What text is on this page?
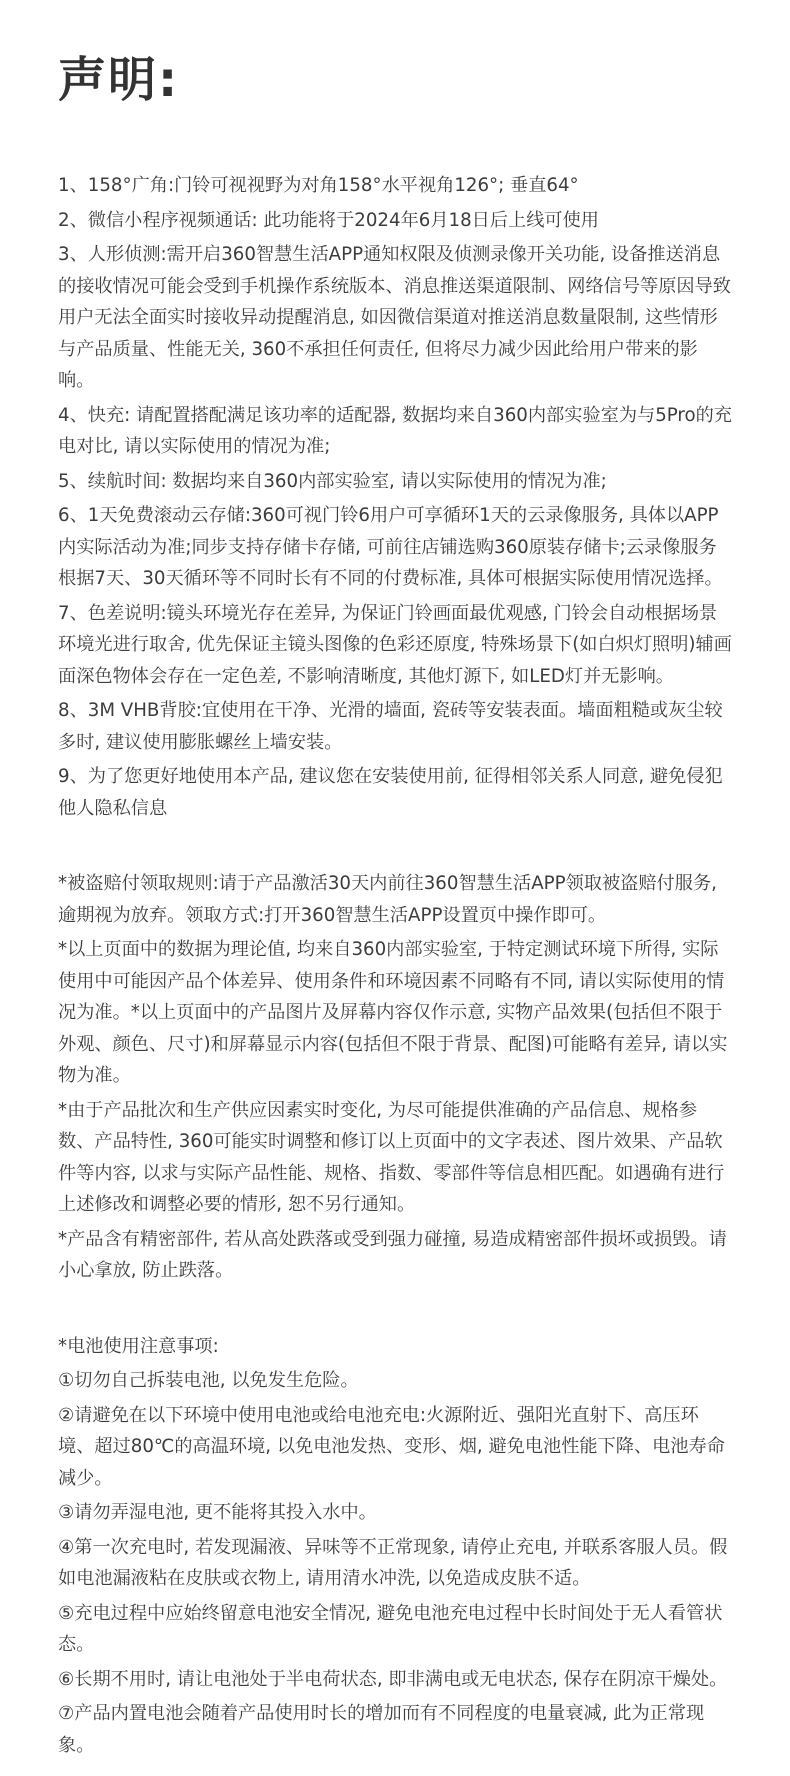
声明:

1、158°广角:门铃可视视野为对角158°水平视角126°; 垂直64°

2、微信小程序视频通话: 此功能将于2024年6月18日后上线可使用

3、人形侦测:需开启360智慧生活APP通知权限及侦测录像开关功能, 设备推送消息的接收情况可能会受到手机操作系统版本、消息推送渠道限制、网络信号等原因导致用户无法全面实时接收异动提醒消息, 如因微信渠道对推送消息数量限制, 这些情形与产品质量、性能无关, 360不承担任何责任, 但将尽力减少因此给用户带来的影响。

4、快充: 请配置搭配满足该功率的适配器, 数据均来自360内部实验室为与5Pro的充电对比, 请以实际使用的情况为准;

5、续航时间: 数据均来自360内部实验室, 请以实际使用的情况为准;

6、1天免费滚动云存储:360可视门铃6用户可享循环1天的云录像服务, 具体以APP内实际活动为准;同步支持存储卡存储, 可前往店铺选购360原装存储卡;云录像服务根据7天、30天循环等不同时长有不同的付费标准, 具体可根据实际使用情况选择。

7、色差说明:镜头环境光存在差异, 为保证门铃画面最优观感, 门铃会自动根据场景环境光进行取舍, 优先保证主镜头图像的色彩还原度, 特殊场景下(如白炽灯照明)辅画面深色物体会存在一定色差, 不影响清晰度, 其他灯源下, 如LED灯并无影响。

8、3M VHB背胶:宜使用在干净、光滑的墙面, 瓷砖等安装表面。墙面粗糙或灰尘较多时, 建议使用膨胀螺丝上墙安装。

9、为了您更好地使用本产品, 建议您在安装使用前, 征得相邻关系人同意, 避免侵犯他人隐私信息

*被盗赔付领取规则:请于产品激活30天内前往360智慧生活APP领取被盗赔付服务, 逾期视为放弃。领取方式:打开360智慧生活APP设置页中操作即可。

*以上页面中的数据为理论值, 均来自360内部实验室, 于特定测试环境下所得, 实际使用中可能因产品个体差异、使用条件和环境因素不同略有不同, 请以实际使用的情况为准。*以上页面中的产品图片及屏幕内容仅作示意, 实物产品效果(包括但不限于外观、颜色、尺寸)和屏幕显示内容(包括但不限于背景、配图)可能略有差异, 请以实物为准。

*由于产品批次和生产供应因素实时变化, 为尽可能提供准确的产品信息、规格参数、产品特性, 360可能实时调整和修订以上页面中的文字表述、图片效果、产品软件等内容, 以求与实际产品性能、规格、指数、零部件等信息相匹配。如遇确有进行上述修改和调整必要的情形, 恕不另行通知。

*产品含有精密部件, 若从高处跌落或受到强力碰撞, 易造成精密部件损坏或损毁。请小心拿放, 防止跌落。

*电池使用注意事项:

①切勿自己拆装电池, 以免发生危险。

②请避免在以下环境中使用电池或给电池充电:火源附近、强阳光直射下、高压环境、超过80℃的高温环境, 以免电池发热、变形、烟, 避免电池性能下降、电池寿命减少。

③请勿弄湿电池, 更不能将其投入水中。

④第一次充电时, 若发现漏液、异味等不正常现象, 请停止充电, 并联系客服人员。假如电池漏液粘在皮肤或衣物上, 请用清水冲洗, 以免造成皮肤不适。

⑤充电过程中应始终留意电池安全情况, 避免电池充电过程中长时间处于无人看管状态。

⑥长期不用时, 请让电池处于半电荷状态, 即非满电或无电状态, 保存在阴凉干燥处。

⑦产品内置电池会随着产品使用时长的增加而有不同程度的电量衰减, 此为正常现象。
